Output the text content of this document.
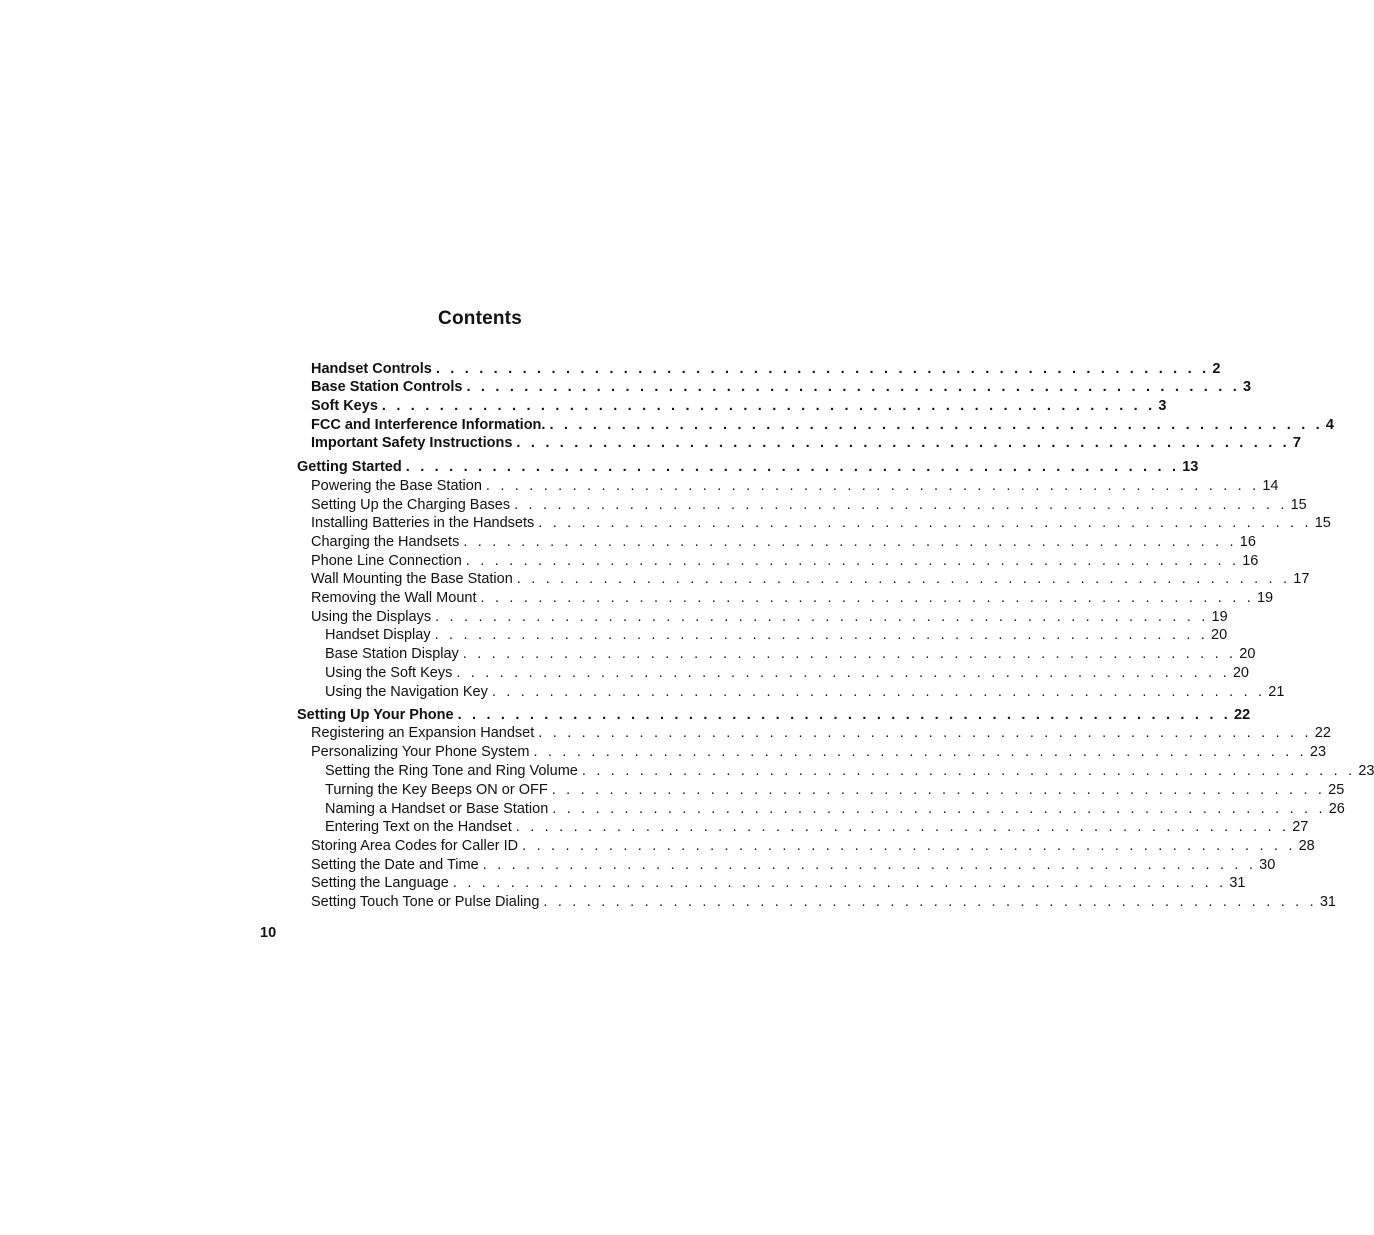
Contents
Handset Controls . . . . . . . . . . . . . . . . . . . . . . . . . . . . . . . . . . . . . . . . . . . . . . . . . . . . . . 2
Base Station Controls . . . . . . . . . . . . . . . . . . . . . . . . . . . . . . . . . . . . . . . . . . . . . . . . . . . . . . 3
Soft Keys . . . . . . . . . . . . . . . . . . . . . . . . . . . . . . . . . . . . . . . . . . . . . . . . . . . . . . 3
FCC and Interference Information. . . . . . . . . . . . . . . . . . . . . . . . . . . . . . . . . . . . . . . . . . . . . . . . . . . . . . . 4
Important Safety Instructions . . . . . . . . . . . . . . . . . . . . . . . . . . . . . . . . . . . . . . . . . . . . . . . . . . . . . . 7
Getting Started . . . . . . . . . . . . . . . . . . . . . . . . . . . . . . . . . . . . . . . . . . . . . . . . . . . . . . 13
Powering the Base Station . . . . . . . . . . . . . . . . . . . . . . . . . . . . . . . . . . . . . . . . . . . . . . . . . . . . . . 14
Setting Up the Charging Bases . . . . . . . . . . . . . . . . . . . . . . . . . . . . . . . . . . . . . . . . . . . . . . . . . . . . . . 15
Installing Batteries in the Handsets . . . . . . . . . . . . . . . . . . . . . . . . . . . . . . . . . . . . . . . . . . . . . . . . . . . . . . 15
Charging the Handsets . . . . . . . . . . . . . . . . . . . . . . . . . . . . . . . . . . . . . . . . . . . . . . . . . . . . . . 16
Phone Line Connection . . . . . . . . . . . . . . . . . . . . . . . . . . . . . . . . . . . . . . . . . . . . . . . . . . . . . . 16
Wall Mounting the Base Station . . . . . . . . . . . . . . . . . . . . . . . . . . . . . . . . . . . . . . . . . . . . . . . . . . . . . . 17
Removing the Wall Mount . . . . . . . . . . . . . . . . . . . . . . . . . . . . . . . . . . . . . . . . . . . . . . . . . . . . . . 19
Using the Displays . . . . . . . . . . . . . . . . . . . . . . . . . . . . . . . . . . . . . . . . . . . . . . . . . . . . . . 19
Handset Display . . . . . . . . . . . . . . . . . . . . . . . . . . . . . . . . . . . . . . . . . . . . . . . . . . . . . . 20
Base Station Display . . . . . . . . . . . . . . . . . . . . . . . . . . . . . . . . . . . . . . . . . . . . . . . . . . . . . . 20
Using the Soft Keys . . . . . . . . . . . . . . . . . . . . . . . . . . . . . . . . . . . . . . . . . . . . . . . . . . . . . . 20
Using the Navigation Key . . . . . . . . . . . . . . . . . . . . . . . . . . . . . . . . . . . . . . . . . . . . . . . . . . . . . . 21
Setting Up Your Phone . . . . . . . . . . . . . . . . . . . . . . . . . . . . . . . . . . . . . . . . . . . . . . . . . . . . . . 22
Registering an Expansion Handset . . . . . . . . . . . . . . . . . . . . . . . . . . . . . . . . . . . . . . . . . . . . . . . . . . . . . . 22
Personalizing Your Phone System . . . . . . . . . . . . . . . . . . . . . . . . . . . . . . . . . . . . . . . . . . . . . . . . . . . . . . 23
Setting the Ring Tone and Ring Volume . . . . . . . . . . . . . . . . . . . . . . . . . . . . . . . . . . . . . . . . . . . . . . . . . . . . . . 23
Turning the Key Beeps ON or OFF . . . . . . . . . . . . . . . . . . . . . . . . . . . . . . . . . . . . . . . . . . . . . . . . . . . . . . 25
Naming a Handset or Base Station . . . . . . . . . . . . . . . . . . . . . . . . . . . . . . . . . . . . . . . . . . . . . . . . . . . . . . 26
Entering Text on the Handset . . . . . . . . . . . . . . . . . . . . . . . . . . . . . . . . . . . . . . . . . . . . . . . . . . . . . . 27
Storing Area Codes for Caller ID . . . . . . . . . . . . . . . . . . . . . . . . . . . . . . . . . . . . . . . . . . . . . . . . . . . . . . 28
Setting the Date and Time . . . . . . . . . . . . . . . . . . . . . . . . . . . . . . . . . . . . . . . . . . . . . . . . . . . . . . 30
Setting the Language . . . . . . . . . . . . . . . . . . . . . . . . . . . . . . . . . . . . . . . . . . . . . . . . . . . . . . 31
Setting Touch Tone or Pulse Dialing . . . . . . . . . . . . . . . . . . . . . . . . . . . . . . . . . . . . . . . . . . . . . . . . . . . . . . 31
10
